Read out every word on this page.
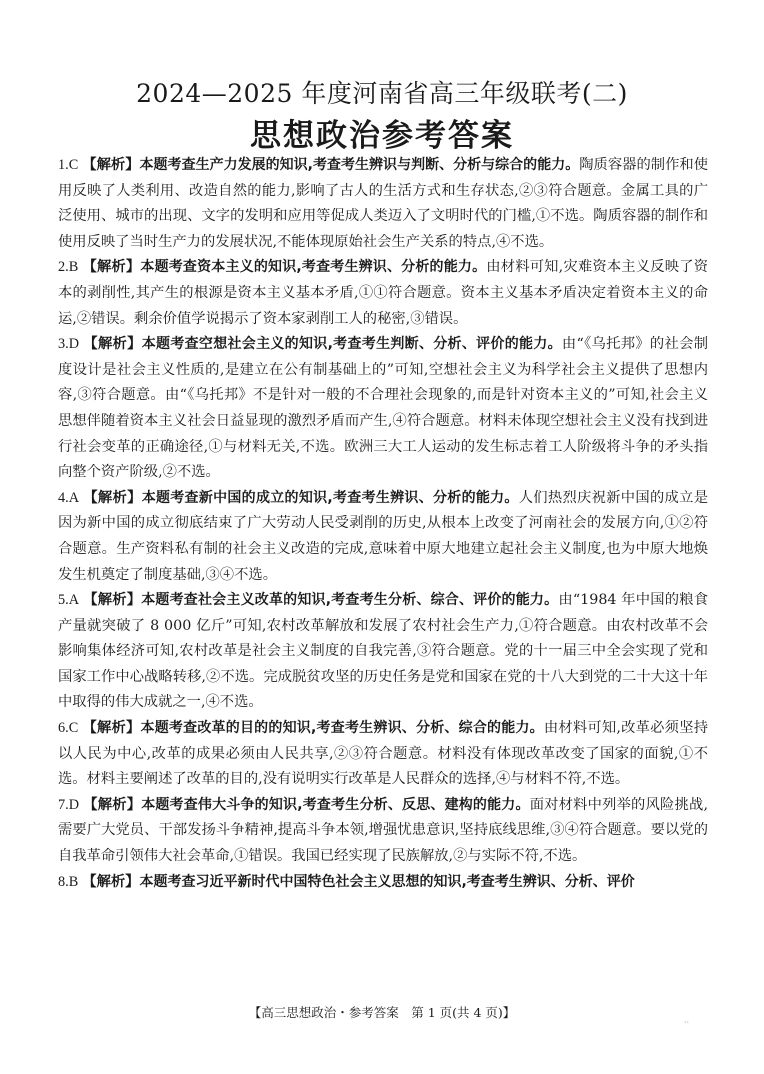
2024—2025 年度河南省高三年级联考(二)
思想政治参考答案

1.C 【解析】本题考查生产力发展的知识,考查考生辨识与判断、分析与综合的能力。陶质容器的制作和使用反映了人类利用、改造自然的能力,影响了古人的生活方式和生存状态,②③符合题意。金属工具的广泛使用、城市的出现、文字的发明和应用等促成人类迈入了文明时代的门槛,①不选。陶质容器的制作和使用反映了当时生产力的发展状况,不能体现原始社会生产关系的特点,④不选。

2.B 【解析】本题考查资本主义的知识,考查考生辨识、分析的能力。由材料可知,灾难资本主义反映了资本的剥削性,其产生的根源是资本主义基本矛盾,①①符合题意。资本主义基本矛盾决定着资本主义的命运,②错误。剩余价值学说揭示了资本家剥削工人的秘密,③错误。

3.D 【解析】本题考查空想社会主义的知识,考查考生判断、分析、评价的能力。由“《乌托邦》的社会制度设计是社会主义性质的,是建立在公有制基础上的”可知,空想社会主义为科学社会主义提供了思想内容,③符合题意。由“《乌托邦》不是针对一般的不合理社会现象的,而是针对资本主义的”可知,社会主义思想伴随着资本主义社会日益显现的激烈矛盾而产生,④符合题意。材料未体现空想社会主义没有找到进行社会变革的正确途径,①与材料无关,不选。欧洲三大工人运动的发生标志着工人阶级将斗争的矛头指向整个资产阶级,②不选。

4.A 【解析】本题考查新中国的成立的知识,考查考生辨识、分析的能力。人们热烈庆祝新中国的成立是因为新中国的成立彻底结束了广大劳动人民受剥削的历史,从根本上改变了河南社会的发展方向,①②符合题意。生产资料私有制的社会主义改造的完成,意味着中原大地建立起社会主义制度,也为中原大地焕发生机奠定了制度基础,③④不选。

5.A 【解析】本题考查社会主义改革的知识,考查考生分析、综合、评价的能力。由“1984 年中国的粮食产量就突破了 8 000 亿斤”可知,农村改革解放和发展了农村社会生产力,①符合题意。由农村改革不会影响集体经济可知,农村改革是社会主义制度的自我完善,③符合题意。党的十一届三中全会实现了党和国家工作中心战略转移,②不选。完成脱贫攻坚的历史任务是党和国家在党的十八大到党的二十大这十年中取得的伟大成就之一,④不选。

6.C 【解析】本题考查改革的目的的知识,考查考生辨识、分析、综合的能力。由材料可知,改革必须坚持以人民为中心,改革的成果必须由人民共享,②③符合题意。材料没有体现改革改变了国家的面貌,①不选。材料主要阐述了改革的目的,没有说明实行改革是人民群众的选择,④与材料不符,不选。

7.D 【解析】本题考查伟大斗争的知识,考查考生分析、反思、建构的能力。面对材料中列举的风险挑战,需要广大党员、干部发扬斗争精神,提高斗争本领,增强忧患意识,坚持底线思维,③④符合题意。要以党的自我革命引领伟大社会革命,①错误。我国已经实现了民族解放,②与实际不符,不选。

8.B 【解析】本题考查习近平新时代中国特色社会主义思想的知识,考查考生辨识、分析、评价

【高三思想政治・参考答案　第 1 页(共 4 页)】
··
